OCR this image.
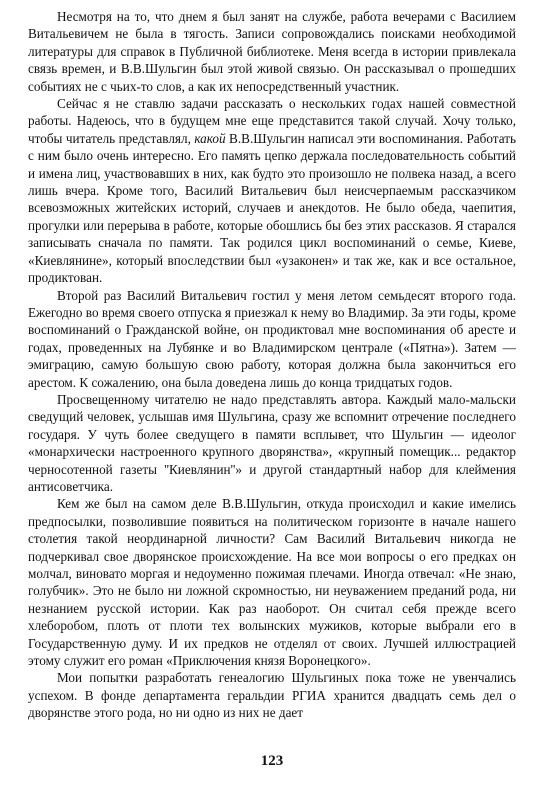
Несмотря на то, что днем я был занят на службе, работа вечерами с Василием Витальевичем не была в тягость. Записи сопровождались поисками необходимой литературы для справок в Публичной библиотеке. Меня всегда в истории привлекала связь времен, и В.В.Шульгин был этой живой связью. Он рассказывал о прошедших событиях не с чьих-то слов, а как их непосредственный участник.

Сейчас я не ставлю задачи рассказать о нескольких годах нашей совместной работы. Надеюсь, что в будущем мне еще представится такой случай. Хочу только, чтобы читатель представлял, какой В.В.Шульгин написал эти воспоминания. Работать с ним было очень интересно. Его память цепко держала последовательность событий и имена лиц, участвовавших в них, как будто это произошло не полвека назад, а всего лишь вчера. Кроме того, Василий Витальевич был неисчерпаемым рассказчиком всевозможных житейских историй, случаев и анекдотов. Не было обеда, чаепития, прогулки или перерыва в работе, которые обошлись бы без этих рассказов. Я старался записывать сначала по памяти. Так родился цикл воспоминаний о семье, Киеве, «Киевлянине», который впоследствии был «узаконен» и так же, как и все остальное, продиктован.

Второй раз Василий Витальевич гостил у меня летом семьдесят второго года. Ежегодно во время своего отпуска я приезжал к нему во Владимир. За эти годы, кроме воспоминаний о Гражданской войне, он продиктовал мне воспоминания об аресте и годах, проведенных на Лубянке и во Владимирском централе («Пятна»). Затем — эмиграцию, самую большую свою работу, которая должна была закончиться его арестом. К сожалению, она была доведена лишь до конца тридцатых годов.

Просвещенному читателю не надо представлять автора. Каждый мало-мальски сведущий человек, услышав имя Шульгина, сразу же вспомнит отречение последнего государя. У чуть более сведущего в памяти всплывет, что Шульгин — идеолог «монархически настроенного крупного дворянства», «крупный помещик... редактор черносотенной газеты ''Киевлянин''» и другой стандартный набор для клеймения антисоветчика.

Кем же был на самом деле В.В.Шульгин, откуда происходил и какие имелись предпосылки, позволившие появиться на политическом горизонте в начале нашего столетия такой неординарной личности? Сам Василий Витальевич никогда не подчеркивал свое дворянское происхождение. На все мои вопросы о его предках он молчал, виновато моргая и недоуменно пожимая плечами. Иногда отвечал: «Не знаю, голубчик». Это не было ни ложной скромностью, ни неуважением преданий рода, ни незнанием русской истории. Как раз наоборот. Он считал себя прежде всего хлеборобом, плоть от плоти тех волынских мужиков, которые выбрали его в Государственную думу. И их предков не отделял от своих. Лучшей иллюстрацией этому служит его роман «Приключения князя Воронецкого».

Мои попытки разработать генеалогию Шульгиных пока тоже не увенчались успехом. В фонде департамента геральдии РГИА хранится двадцать семь дел о дворянстве этого рода, но ни одно из них не дает

123
